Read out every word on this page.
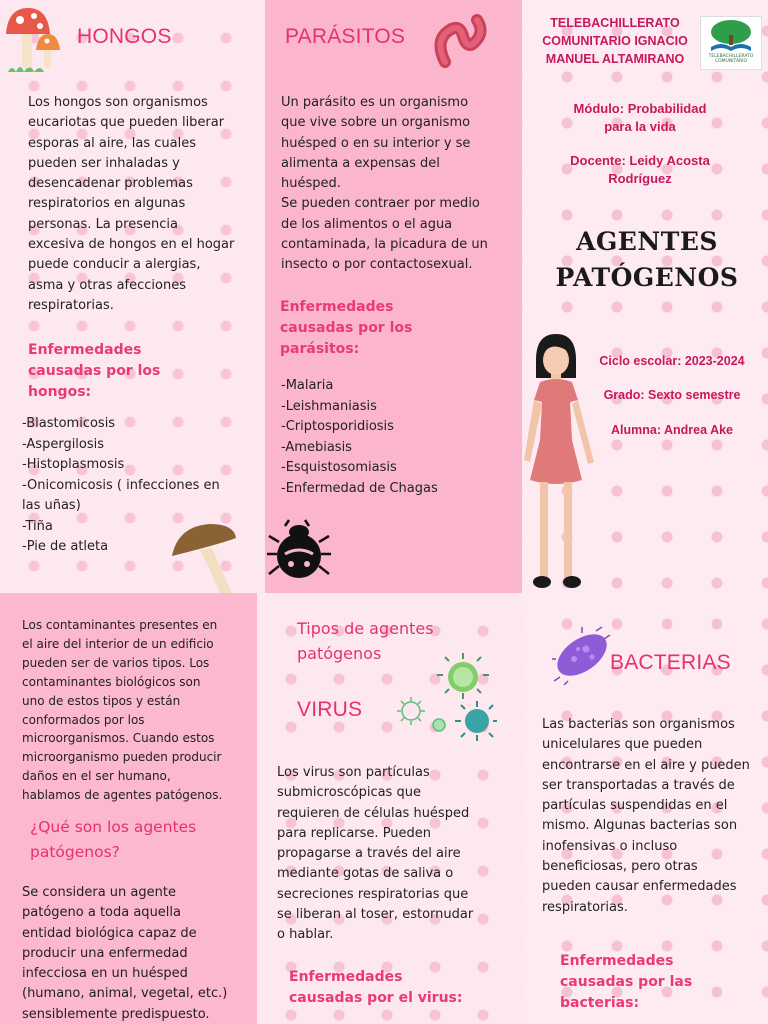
HONGOS
Los hongos son organismos
eucariotas que pueden liberar
esporas al aire, las cuales
pueden ser inhaladas y
desencadenar problemas
respiratorios en algunas
personas. La presencia
excesiva de hongos en el hogar
puede conducir a alergias,
asma y otras afecciones
respiratorias.
Enfermedades
causadas por los
hongos:
-Blastomicosis
-Aspergilosis
-Histoplasmosis
-Onicomicosis ( infecciones en
las uñas)
-Tiña
-Pie de atleta
PARÁSITOS
Un parásito es un organismo
que vive sobre un organismo
huésped o en su interior y se
alimenta a expensas del
huésped.
Se pueden contraer por medio
de los alimentos o el agua
contaminada, la picadura de un
insecto o por contactosexual.
Enfermedades
causadas por los
parásitos:
-Malaria
-Leishmaniasis
-Criptosporidiosis
-Amebiasis
-Esquistosomiasis
-Enfermedad de Chagas
TELEBACHILLERATO
COMUNITARIO IGNACIO
MANUEL ALTAMIRANO	TELEBACHILLERATO
COMUNITARIO
Módulo: Probabilidad
para la vida
Docente: Leidy Acosta
Rodríguez
AGENTES
PATÓGENOS
Ciclo escolar: 2023-2024
Grado: Sexto semestre
Alumna: Andrea Ake
Los contaminantes presentes en
el aire del interior de un edificio
pueden ser de varios tipos. Los
contaminantes biológicos son
uno de estos tipos y están
conformados por los
microorganismos. Cuando estos
microorganismo pueden producir
daños en el ser humano,
hablamos de agentes patógenos.
¿Qué son los agentes
patógenos?
Se considera un agente
patógeno a toda aquella
entidad biológica capaz de
producir una enfermedad
infecciosa en un huésped
(humano, animal, vegetal, etc.)
sensiblemente predispuesto.
Tipos de agentes
patógenos
VIRUS
Los virus son partículas
submicroscópicas que
requieren de células huésped
para replicarse. Pueden
propagarse a través del aire
mediante gotas de saliva o
secreciones respiratorias que
se liberan al toser, estornudar
o hablar.
Enfermedades
causadas por el virus:
BACTERIAS
Las bacterias son organismos
unicelulares que pueden
encontrarse en el aire y pueden
ser transportadas a través de
partículas suspendidas en el
mismo. Algunas bacterias son
inofensivas o incluso
beneficiosas, pero otras
pueden causar enfermedades
respiratorias.
Enfermedades
causadas por las
bacterias:
